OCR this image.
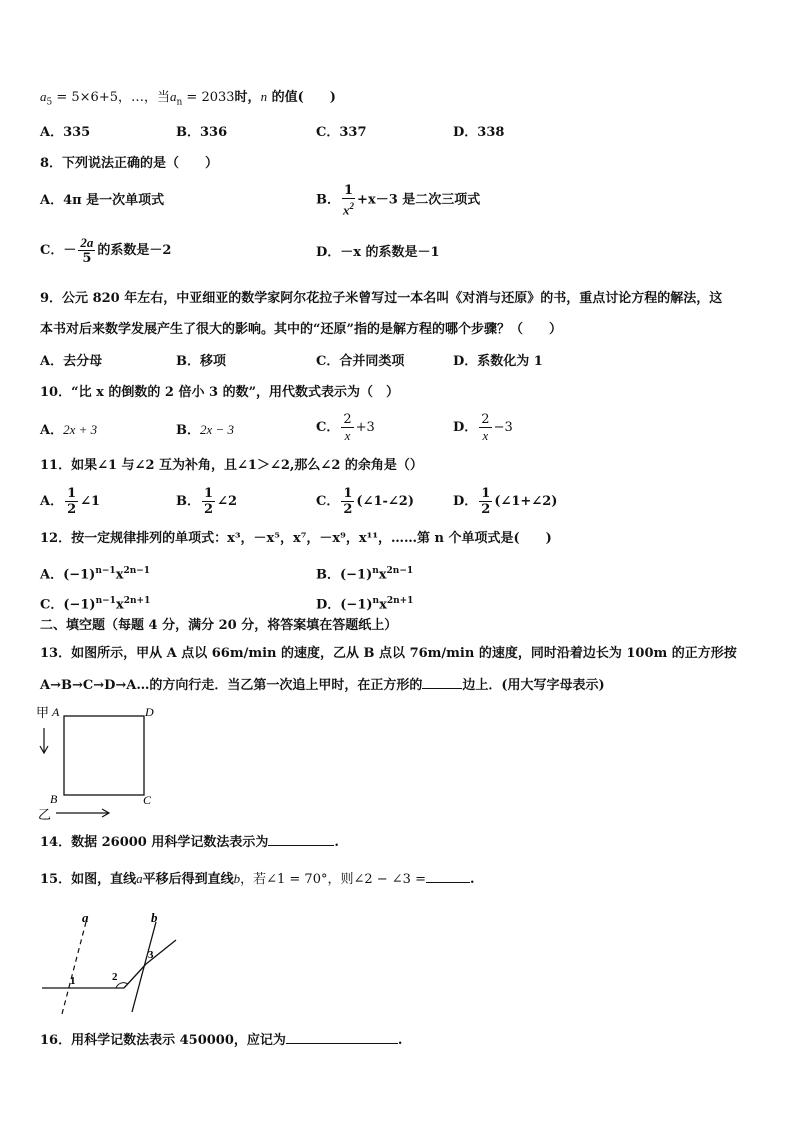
$a_5 = 5\times 6+5$，…，当$a_n = 2033$时，n 的值(　　)
A．335	B．336	C．337	D．338
8．下列说法正确的是（　　）
A．4π 是一次单项式	B． $\frac{1}{x^2} +x-3$ 是二次三项式
C．－ $\frac{2a}{5}$ 的系数是－2	D．－x 的系数是－1
9．公元 820 年左右，中亚细亚的数学家阿尔花拉子米曾写过一本名叫《对消与还原》的书，重点讨论方程的解法，这
本书对后来数学发展产生了很大的影响。其中的“还原”指的是解方程的哪个步骤？（　　）
A．去分母	B．移项	C．合并同类项	D．系数化为 1
10．“比 x 的倒数的 2 倍小 3 的数”，用代数式表示为（　）
A．2x + 3	B．2x − 3	C． $\frac{2}{x} +3$	D． $\frac{2}{x} -3$
11．如果∠1 与∠2 互为补角，且∠1＞∠2,那么∠2 的余角是（）
A． $\frac{1}{2}$ ∠1	B． $\frac{1}{2}$ ∠2	C． $\frac{1}{2}$ (∠1-∠2)	D． $\frac{1}{2}$ (∠1+∠2)
12．按一定规律排列的单项式：x³，－x⁵，x⁷，－x⁹，x¹¹，……第 n 个单项式是(　　)
A．$(-1)^{n-1}x^{2n-1}$	B．$(-1)^nx^{2n-1}$
C．$(-1)^{n-1}x^{2n+1}$	D．$(-1)^nx^{2n+1}$
二、填空题（每题 4 分，满分 20 分，将答案填在答题纸上）
13．如图所示，甲从 A 点以 66m/min 的速度，乙从 B 点以 76m/min 的速度，同时沿着边长为 100m 的正方形按
A→B→C→D→A…的方向行走．当乙第一次追上甲时，在正方形的	边上．(用大写字母表示)
甲 A	D
B	C
乙
14．数据 26000 用科学记数法表示为	.
15．如图，直线a平移后得到直线b，若∠1 = 70°，则∠2 − ∠3 =	.
a	b
1	2
3
16．用科学记数法表示 450000，应记为	.
